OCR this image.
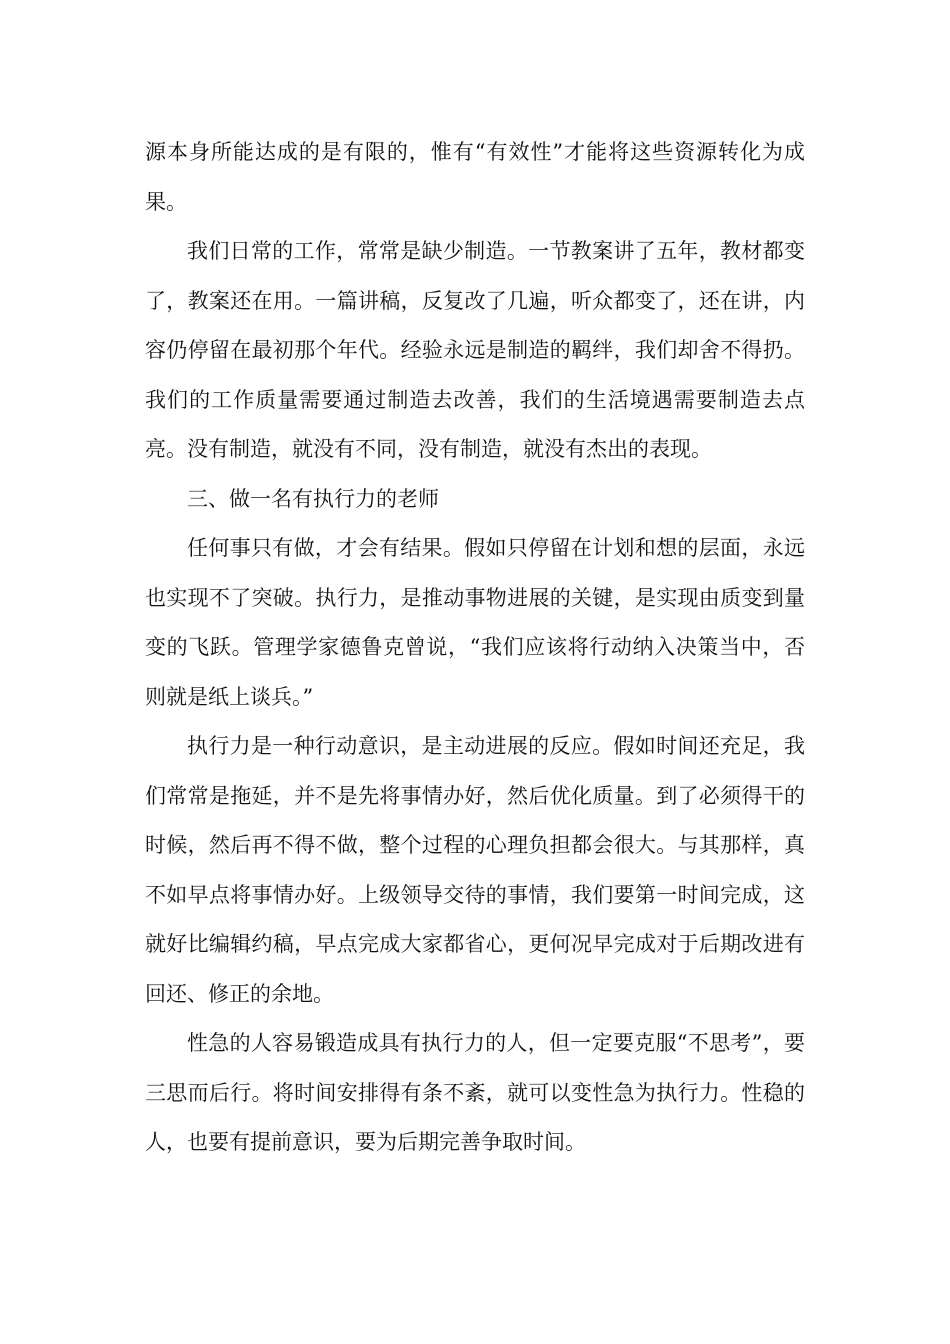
源本身所能达成的是有限的，惟有“有效性”才能将这些资源转化为成果。

我们日常的工作，常常是缺少制造。一节教案讲了五年，教材都变了，教案还在用。一篇讲稿，反复改了几遍，听众都变了，还在讲，内容仍停留在最初那个年代。经验永远是制造的羁绊，我们却舍不得扔。我们的工作质量需要通过制造去改善，我们的生活境遇需要制造去点亮。没有制造，就没有不同，没有制造，就没有杰出的表现。

三、做一名有执行力的老师

任何事只有做，才会有结果。假如只停留在计划和想的层面，永远也实现不了突破。执行力，是推动事物进展的关键，是实现由质变到量变的飞跃。管理学家德鲁克曾说，“我们应该将行动纳入决策当中，否则就是纸上谈兵。”

执行力是一种行动意识，是主动进展的反应。假如时间还充足，我们常常是拖延，并不是先将事情办好，然后优化质量。到了必须得干的时候，然后再不得不做，整个过程的心理负担都会很大。与其那样，真不如早点将事情办好。上级领导交待的事情，我们要第一时间完成，这就好比编辑约稿，早点完成大家都省心，更何况早完成对于后期改进有回还、修正的余地。

性急的人容易锻造成具有执行力的人，但一定要克服“不思考”，要三思而后行。将时间安排得有条不紊，就可以变性急为执行力。性稳的人，也要有提前意识，要为后期完善争取时间。
